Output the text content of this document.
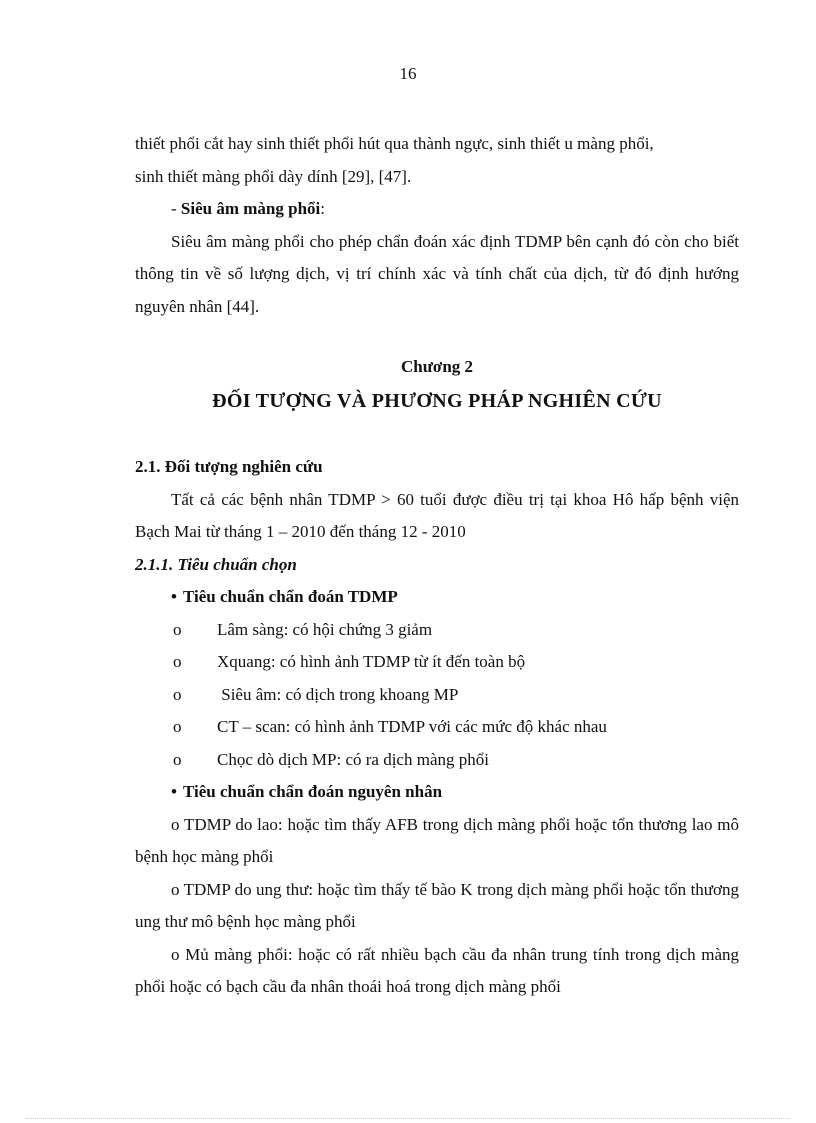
16

thiết phổi cắt hay sinh thiết phổi hút qua thành ngực, sinh thiết u màng phổi,

sinh thiết màng phổi dày dính [29], [47].

- Siêu âm màng phổi:

Siêu âm màng phổi cho phép chẩn đoán xác định TDMP bên cạnh đó còn cho biết thông tin về số lượng dịch, vị trí chính xác và tính chất của dịch, từ đó định hướng nguyên nhân [44].

Chương 2

ĐỐI TƯỢNG VÀ PHƯƠNG PHÁP NGHIÊN CỨU

2.1. Đối tượng nghiên cứu

Tất cả các bệnh nhân TDMP > 60 tuổi được điều trị tại khoa Hô hấp bệnh viện Bạch Mai từ tháng 1 – 2010 đến tháng 12 - 2010

2.1.1. Tiêu chuẩn chọn

• Tiêu chuẩn chẩn đoán TDMP

o Lâm sàng: có hội chứng 3 giảm

o Xquang: có hình ảnh TDMP từ ít đến toàn bộ

o Siêu âm: có dịch trong khoang MP

o CT – scan: có hình ảnh TDMP với các mức độ khác nhau

o Chọc dò dịch MP: có ra dịch màng phổi

• Tiêu chuẩn chẩn đoán nguyên nhân

o TDMP do lao: hoặc tìm thấy AFB trong dịch màng phổi hoặc tổn thương lao mô bệnh học màng phổi

o TDMP do ung thư: hoặc tìm thấy tế bào K trong dịch màng phổi hoặc tổn thương ung thư mô bệnh học màng phổi

o Mủ màng phổi: hoặc có rất nhiều bạch cầu đa nhân trung tính trong dịch màng phổi hoặc có bạch cầu đa nhân thoái hoá trong dịch màng phổi
